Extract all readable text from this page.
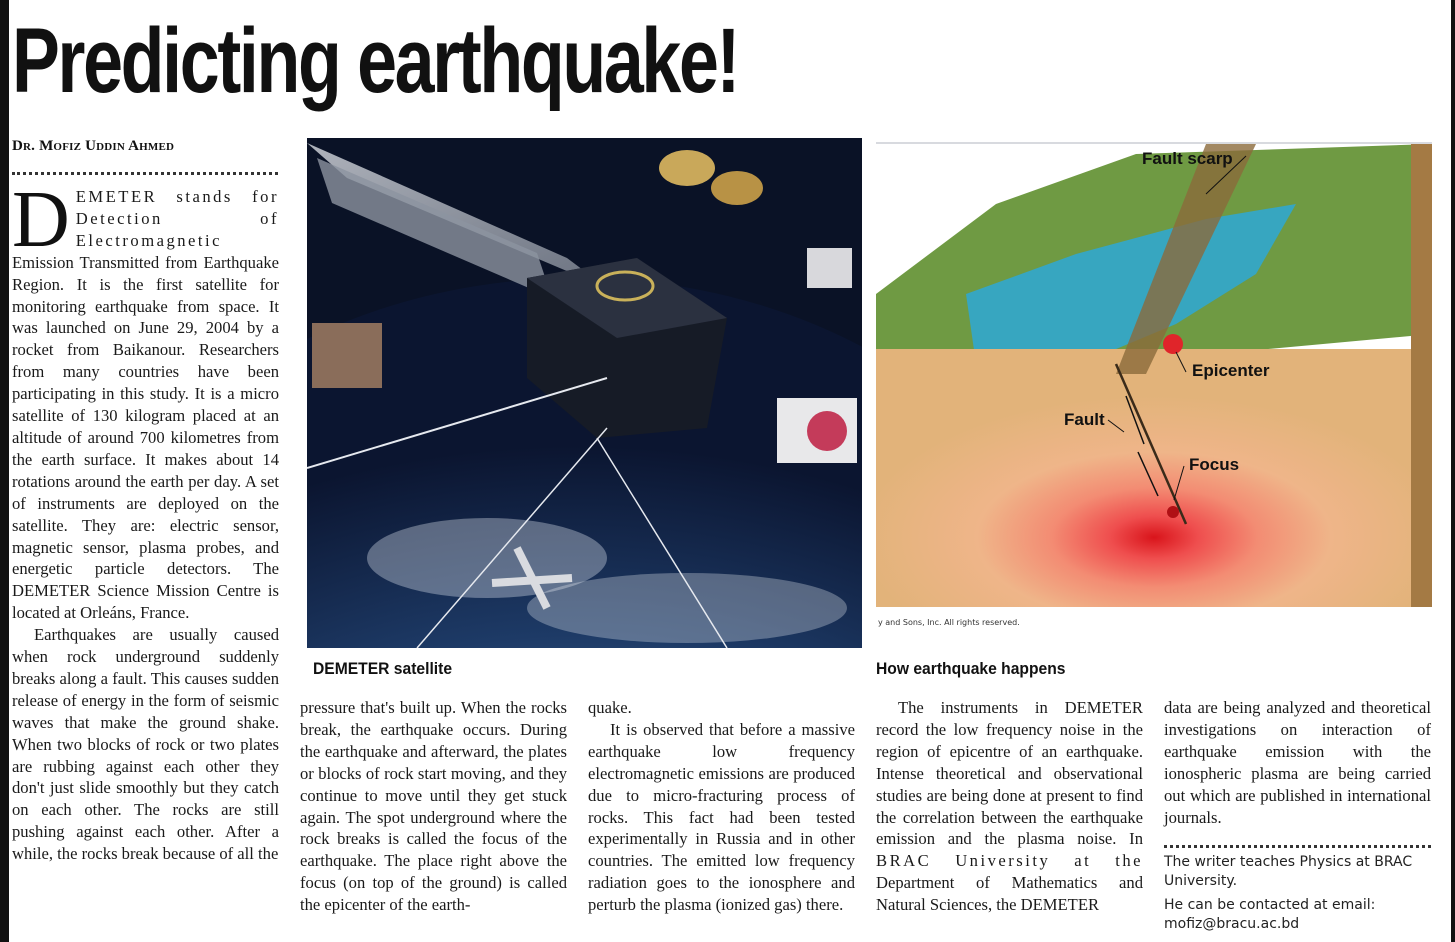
Predicting earthquake!
Dr. Mofiz Uddin Ahmed

DEMETER stands for Detection of Electromagnetic Emission Transmitted from Earthquake Region. It is the first satellite for monitoring earthquake from space. It was launched on June 29, 2004 by a rocket from Baikanour. Researchers from many countries have been participating in this study. It is a micro satellite of 130 kilogram placed at an altitude of around 700 kilometres from the earth surface. It makes about 14 rotations around the earth per day. A set of instruments are deployed on the satellite. They are: electric sensor, magnetic sensor, plasma probes, and energetic particle detectors. The DEMETER Science Mission Centre is located at Orleáns, France.

Earthquakes are usually caused when rock underground suddenly breaks along a fault. This causes sudden release of energy in the form of seismic waves that make the ground shake. When two blocks of rock or two plates are rubbing against each other they don't just slide smoothly but they catch on each other. The rocks are still pushing against each other. After a while, the rocks break because of all the

DEMETER satellite
Fault scarp
Epicenter
Fault
Focus
y and Sons, Inc. All rights reserved.
How earthquake happens

pressure that's built up. When the rocks break, the earthquake occurs. During the earthquake and afterward, the plates or blocks of rock start moving, and they continue to move until they get stuck again. The spot underground where the rock breaks is called the focus of the earthquake. The place right above the focus (on top of the ground) is called the epicenter of the earth-

quake.

It is observed that before a massive earthquake low frequency electromagnetic emissions are produced due to micro-fracturing process of rocks. This fact had been tested experimentally in Russia and in other countries. The emitted low frequency radiation goes to the ionosphere and perturb the plasma (ionized gas) there.

The instruments in DEMETER record the low frequency noise in the region of epicentre of an earthquake. Intense theoretical and observational studies are being done at present to find the correlation between the earthquake emission and the plasma noise. In BRAC University at the Department of Mathematics and Natural Sciences, the DEMETER

data are being analyzed and theoretical investigations on interaction of earthquake emission with the ionospheric plasma are being carried out which are published in international journals.

The writer teaches Physics at BRAC University.
He can be contacted at email: mofiz@bracu.ac.bd
